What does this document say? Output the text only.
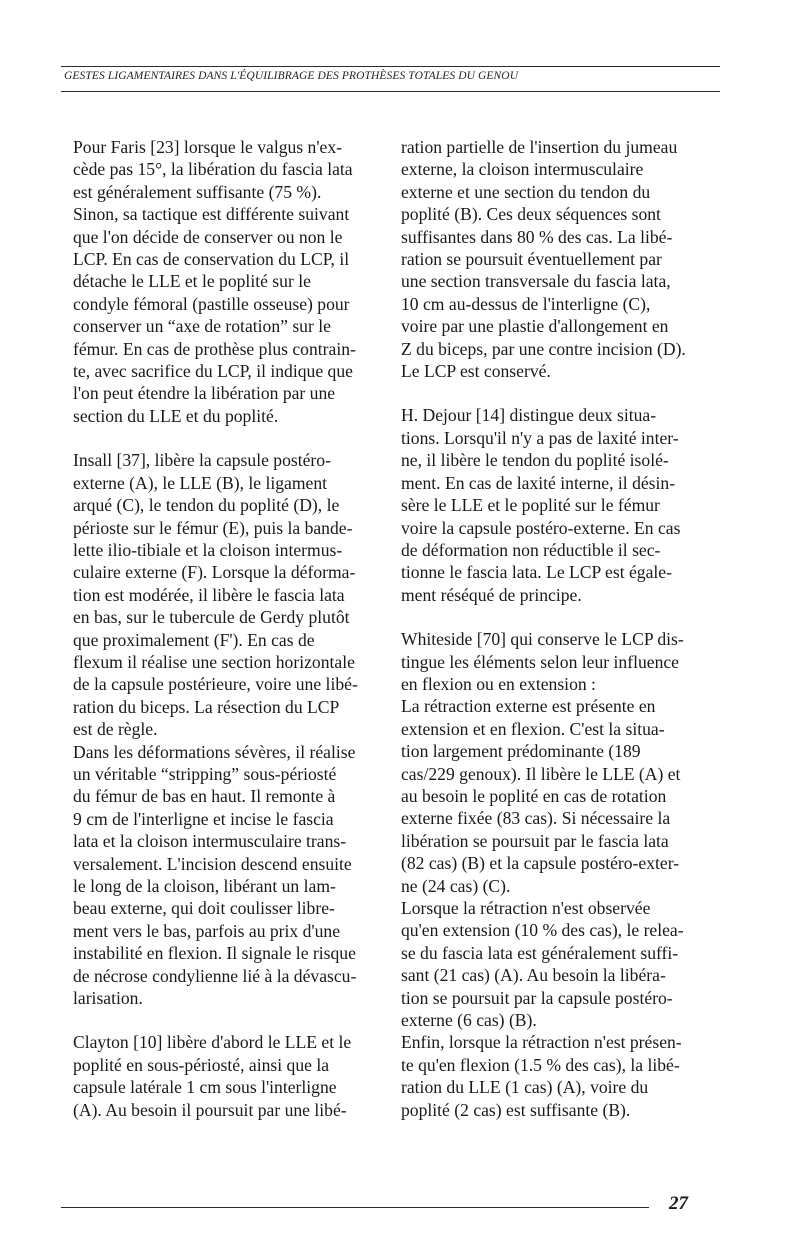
GESTES LIGAMENTAIRES DANS L'ÉQUILIBRAGE DES PROTHÈSES TOTALES DU GENOU

Pour Faris [23] lorsque le valgus n'ex-
cède pas 15°, la libération du fascia lata
est généralement suffisante (75 %).
Sinon, sa tactique est différente suivant
que l'on décide de conserver ou non le
LCP. En cas de conservation du LCP, il
détache le LLE et le poplité sur le
condyle fémoral (pastille osseuse) pour
conserver un “axe de rotation” sur le
fémur. En cas de prothèse plus contrain-
te, avec sacrifice du LCP, il indique que
l'on peut étendre la libération par une
section du LLE et du poplité.

Insall [37], libère la capsule postéro-
externe (A), le LLE (B), le ligament
arqué (C), le tendon du poplité (D), le
périoste sur le fémur (E), puis la bande-
lette ilio-tibiale et la cloison intermus-
culaire externe (F). Lorsque la déforma-
tion est modérée, il libère le fascia lata
en bas, sur le tubercule de Gerdy plutôt
que proximalement (F'). En cas de
flexum il réalise une section horizontale
de la capsule postérieure, voire une libé-
ration du biceps. La résection du LCP
est de règle.

Dans les déformations sévères, il réalise
un véritable “stripping” sous-périosté
du fémur de bas en haut. Il remonte à
9 cm de l'interligne et incise le fascia
lata et la cloison intermusculaire trans-
versalement. L'incision descend ensuite
le long de la cloison, libérant un lam-
beau externe, qui doit coulisser libre-
ment vers le bas, parfois au prix d'une
instabilité en flexion. Il signale le risque
de nécrose condylienne lié à la dévascu-
larisation.

Clayton [10] libère d'abord le LLE et le
poplité en sous-périosté, ainsi que la
capsule latérale 1 cm sous l'interligne
(A). Au besoin il poursuit par une libé-

ration partielle de l'insertion du jumeau
externe, la cloison intermusculaire
externe et une section du tendon du
poplité (B). Ces deux séquences sont
suffisantes dans 80 % des cas. La libé-
ration se poursuit éventuellement par
une section transversale du fascia lata,
10 cm au-dessus de l'interligne (C),
voire par une plastie d'allongement en
Z du biceps, par une contre incision (D).
Le LCP est conservé.

H. Dejour [14] distingue deux situa-
tions. Lorsqu'il n'y a pas de laxité inter-
ne, il libère le tendon du poplité isolé-
ment. En cas de laxité interne, il désin-
sère le LLE et le poplité sur le fémur
voire la capsule postéro-externe. En cas
de déformation non réductible il sec-
tionne le fascia lata. Le LCP est égale-
ment réséqué de principe.

Whiteside [70] qui conserve le LCP dis-
tingue les éléments selon leur influence
en flexion ou en extension :

La rétraction externe est présente en
extension et en flexion. C'est la situa-
tion largement prédominante (189
cas/229 genoux). Il libère le LLE (A) et
au besoin le poplité en cas de rotation
externe fixée (83 cas). Si nécessaire la
libération se poursuit par le fascia lata
(82 cas) (B) et la capsule postéro-exter-
ne (24 cas) (C).

Lorsque la rétraction n'est observée
qu'en extension (10 % des cas), le relea-
se du fascia lata est généralement suffi-
sant (21 cas) (A). Au besoin la libéra-
tion se poursuit par la capsule postéro-
externe (6 cas) (B).

Enfin, lorsque la rétraction n'est présen-
te qu'en flexion (1.5 % des cas), la libé-
ration du LLE (1 cas) (A), voire du
poplité (2 cas) est suffisante (B).

27
